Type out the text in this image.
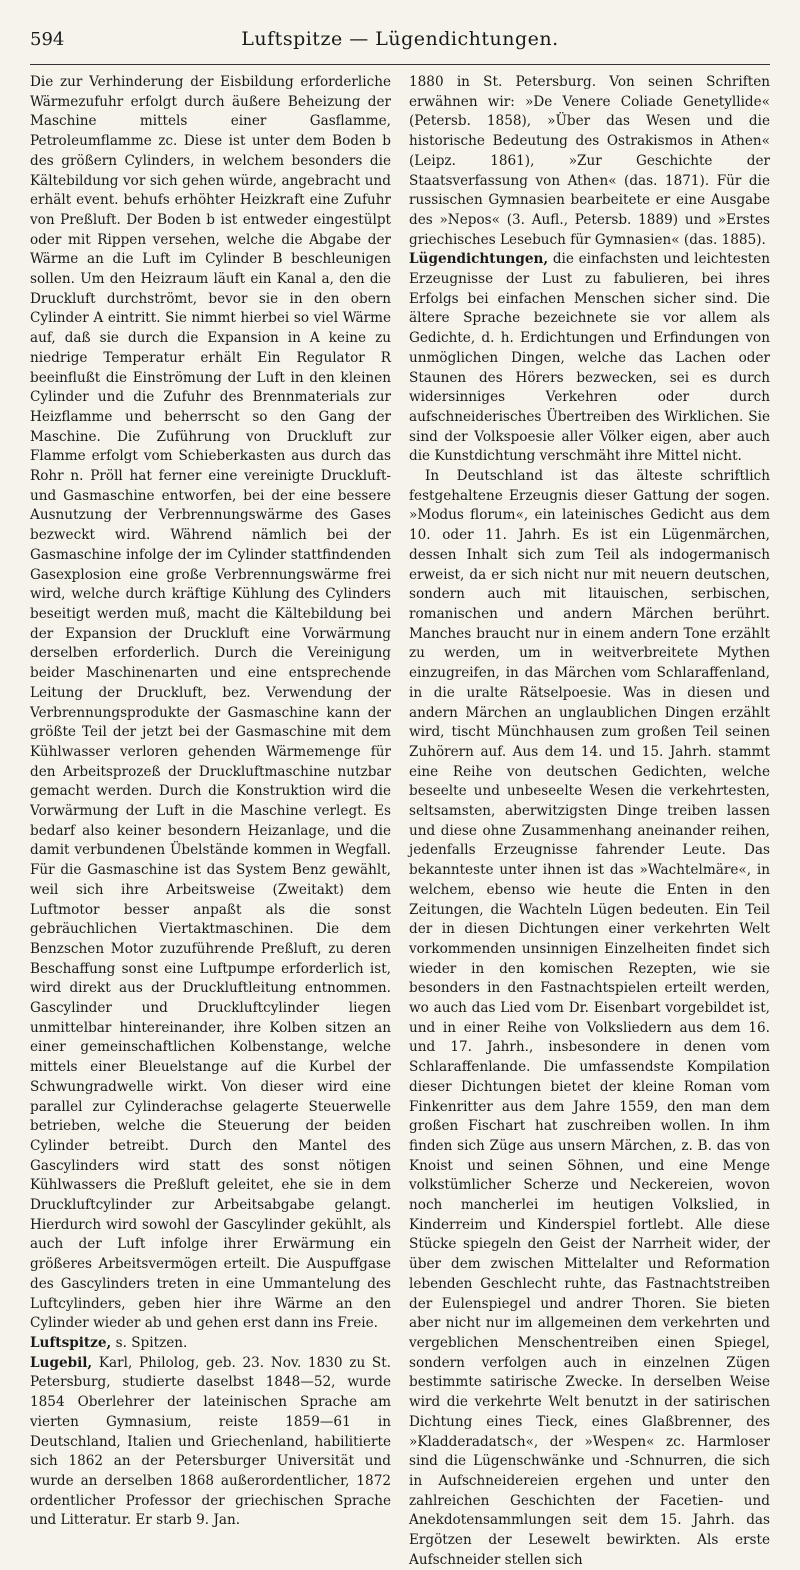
594	Luftspitze — Lügendichtungen.

Die zur Verhinderung der Eisbildung erforderliche Wärmezufuhr erfolgt durch äußere Beheizung der Maschine mittels einer Gasflamme, Petroleumflamme zc. Diese ist unter dem Boden b des größern Cylinders, in welchem besonders die Kältebildung vor sich gehen würde, angebracht und erhält event. behufs erhöhter Heizkraft eine Zufuhr von Preßluft. Der Boden b ist entweder eingestülpt oder mit Rippen versehen, welche die Abgabe der Wärme an die Luft im Cylinder B beschleunigen sollen. Um den Heizraum läuft ein Kanal a, den die Druckluft durchströmt, bevor sie in den obern Cylinder A eintritt. Sie nimmt hierbei so viel Wärme auf, daß sie durch die Expansion in A keine zu niedrige Temperatur erhält Ein Regulator R beeinflußt die Einströmung der Luft in den kleinen Cylinder und die Zufuhr des Brennmaterials zur Heizflamme und beherrscht so den Gang der Maschine. Die Zuführung von Druckluft zur Flamme erfolgt vom Schieberkasten aus durch das Rohr n. Pröll hat ferner eine vereinigte Druckluft- und Gasmaschine entworfen, bei der eine bessere Ausnutzung der Verbrennungswärme des Gases bezweckt wird. Während nämlich bei der Gasmaschine infolge der im Cylinder stattfindenden Gasexplosion eine große Verbrennungswärme frei wird, welche durch kräftige Kühlung des Cylinders beseitigt werden muß, macht die Kältebildung bei der Expansion der Druckluft eine Vorwärmung derselben erforderlich. Durch die Vereinigung beider Maschinenarten und eine entsprechende Leitung der Druckluft, bez. Verwendung der Verbrennungsprodukte der Gasmaschine kann der größte Teil der jetzt bei der Gasmaschine mit dem Kühlwasser verloren gehenden Wärmemenge für den Arbeitsprozeß der Druckluftmaschine nutzbar gemacht werden. Durch die Konstruktion wird die Vorwärmung der Luft in die Maschine verlegt. Es bedarf also keiner besondern Heizanlage, und die damit verbundenen Übelstände kommen in Wegfall. Für die Gasmaschine ist das System Benz gewählt, weil sich ihre Arbeitsweise (Zweitakt) dem Luftmotor besser anpaßt als die sonst gebräuchlichen Viertaktmaschinen. Die dem Benzschen Motor zuzuführende Preßluft, zu deren Beschaffung sonst eine Luftpumpe erforderlich ist, wird direkt aus der Druckluftleitung entnommen. Gascylinder und Druckluftcylinder liegen unmittelbar hintereinander, ihre Kolben sitzen an einer gemeinschaftlichen Kolbenstange, welche mittels einer Bleuelstange auf die Kurbel der Schwungradwelle wirkt. Von dieser wird eine parallel zur Cylinderachse gelagerte Steuerwelle betrieben, welche die Steuerung der beiden Cylinder betreibt. Durch den Mantel des Gascylinders wird statt des sonst nötigen Kühlwassers die Preßluft geleitet, ehe sie in dem Druckluftcylinder zur Arbeitsabgabe gelangt. Hierdurch wird sowohl der Gascylinder gekühlt, als auch der Luft infolge ihrer Erwärmung ein größeres Arbeitsvermögen erteilt. Die Auspuffgase des Gascylinders treten in eine Ummantelung des Luftcylinders, geben hier ihre Wärme an den Cylinder wieder ab und gehen erst dann ins Freie.

Luftspitze, s. Spitzen.

Lugebil, Karl, Philolog, geb. 23. Nov. 1830 zu St. Petersburg, studierte daselbst 1848—52, wurde 1854 Oberlehrer der lateinischen Sprache am vierten Gymnasium, reiste 1859—61 in Deutschland, Italien und Griechenland, habilitierte sich 1862 an der Petersburger Universität und wurde an derselben 1868 außerordentlicher, 1872 ordentlicher Professor der griechischen Sprache und Litteratur. Er starb 9. Jan.

1880 in St. Petersburg. Von seinen Schriften erwähnen wir: »De Venere Coliade Genetyllide« (Petersb. 1858), »Über das Wesen und die historische Bedeutung des Ostrakismos in Athen« (Leipz. 1861), »Zur Geschichte der Staatsverfassung von Athen« (das. 1871). Für die russischen Gymnasien bearbeitete er eine Ausgabe des »Nepos« (3. Aufl., Petersb. 1889) und »Erstes griechisches Lesebuch für Gymnasien« (das. 1885).

Lügendichtungen, die einfachsten und leichtesten Erzeugnisse der Lust zu fabulieren, bei ihres Erfolgs bei einfachen Menschen sicher sind. Die ältere Sprache bezeichnete sie vor allem als Gedichte, d. h. Erdichtungen und Erfindungen von unmöglichen Dingen, welche das Lachen oder Staunen des Hörers bezwecken, sei es durch widersinniges Verkehren oder durch aufschneiderisches Übertreiben des Wirklichen. Sie sind der Volkspoesie aller Völker eigen, aber auch die Kunstdichtung verschmäht ihre Mittel nicht.

In Deutschland ist das älteste schriftlich festgehaltene Erzeugnis dieser Gattung der sogen. »Modus florum«, ein lateinisches Gedicht aus dem 10. oder 11. Jahrh. Es ist ein Lügenmärchen, dessen Inhalt sich zum Teil als indogermanisch erweist, da er sich nicht nur mit neuern deutschen, sondern auch mit litauischen, serbischen, romanischen und andern Märchen berührt. Manches braucht nur in einem andern Tone erzählt zu werden, um in weitverbreitete Mythen einzugreifen, in das Märchen vom Schlaraffenland, in die uralte Rätselpoesie. Was in diesen und andern Märchen an unglaublichen Dingen erzählt wird, tischt Münchhausen zum großen Teil seinen Zuhörern auf. Aus dem 14. und 15. Jahrh. stammt eine Reihe von deutschen Gedichten, welche beseelte und unbeseelte Wesen die verkehrtesten, seltsamsten, aberwitzigsten Dinge treiben lassen und diese ohne Zusammenhang aneinander reihen, jedenfalls Erzeugnisse fahrender Leute. Das bekannteste unter ihnen ist das »Wachtelmäre«, in welchem, ebenso wie heute die Enten in den Zeitungen, die Wachteln Lügen bedeuten. Ein Teil der in diesen Dichtungen einer verkehrten Welt vorkommenden unsinnigen Einzelheiten findet sich wieder in den komischen Rezepten, wie sie besonders in den Fastnachtspielen erteilt werden, wo auch das Lied vom Dr. Eisenbart vorgebildet ist, und in einer Reihe von Volksliedern aus dem 16. und 17. Jahrh., insbesondere in denen vom Schlaraffenlande. Die umfassendste Kompilation dieser Dichtungen bietet der kleine Roman vom Finkenritter aus dem Jahre 1559, den man dem großen Fischart hat zuschreiben wollen. In ihm finden sich Züge aus unsern Märchen, z. B. das von Knoist und seinen Söhnen, und eine Menge volkstümlicher Scherze und Neckereien, wovon noch mancherlei im heutigen Volkslied, in Kinderreim und Kinderspiel fortlebt. Alle diese Stücke spiegeln den Geist der Narrheit wider, der über dem zwischen Mittelalter und Reformation lebenden Geschlecht ruhte, das Fastnachtstreiben der Eulenspiegel und andrer Thoren. Sie bieten aber nicht nur im allgemeinen dem verkehrten und vergeblichen Menschentreiben einen Spiegel, sondern verfolgen auch in einzelnen Zügen bestimmte satirische Zwecke. In derselben Weise wird die verkehrte Welt benutzt in der satirischen Dichtung eines Tieck, eines Glaßbrenner, des »Kladderadatsch«, der »Wespen« zc. Harmloser sind die Lügenschwänke und -Schnurren, die sich in Aufschneidereien ergehen und unter den zahlreichen Geschichten der Facetien- und Anekdotensammlungen seit dem 15. Jahrh. das Ergötzen der Lesewelt bewirkten. Als erste Aufschneider stellen sich
